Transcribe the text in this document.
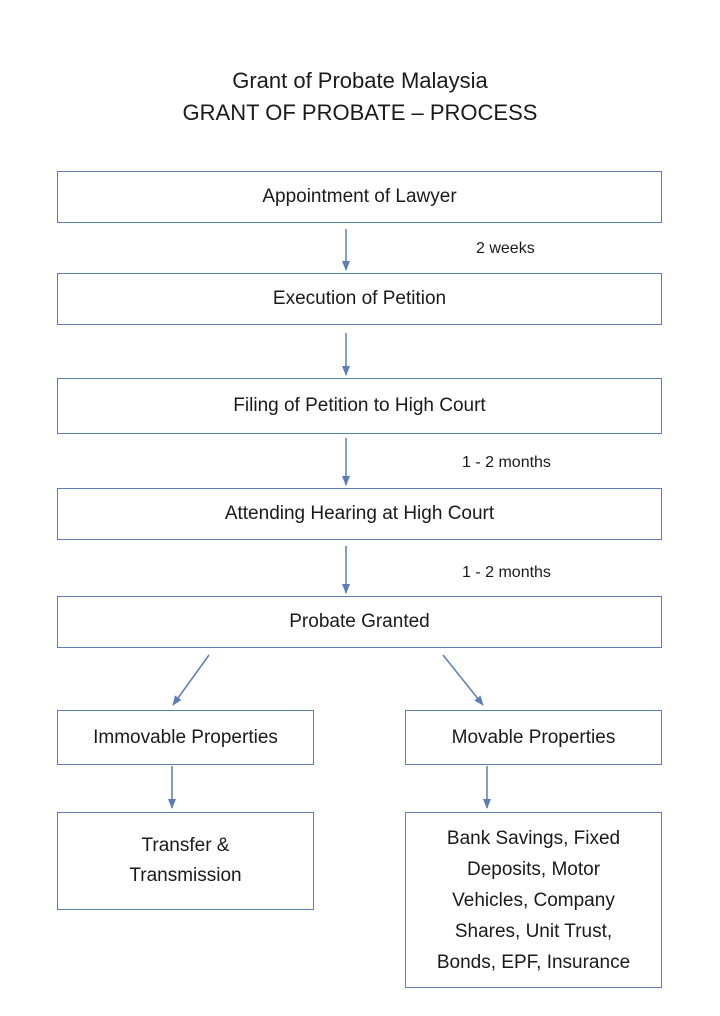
Grant of Probate Malaysia
GRANT OF PROBATE – PROCESS
Appointment of Lawyer
2 weeks
Execution of Petition
Filing of Petition to High Court
1 - 2 months
Attending Hearing at High Court
1 - 2 months
Probate Granted
Immovable Properties	Movable Properties
Transfer &
Transmission
Bank Savings, Fixed
Deposits, Motor
Vehicles, Company
Shares, Unit Trust,
Bonds, EPF, Insurance
